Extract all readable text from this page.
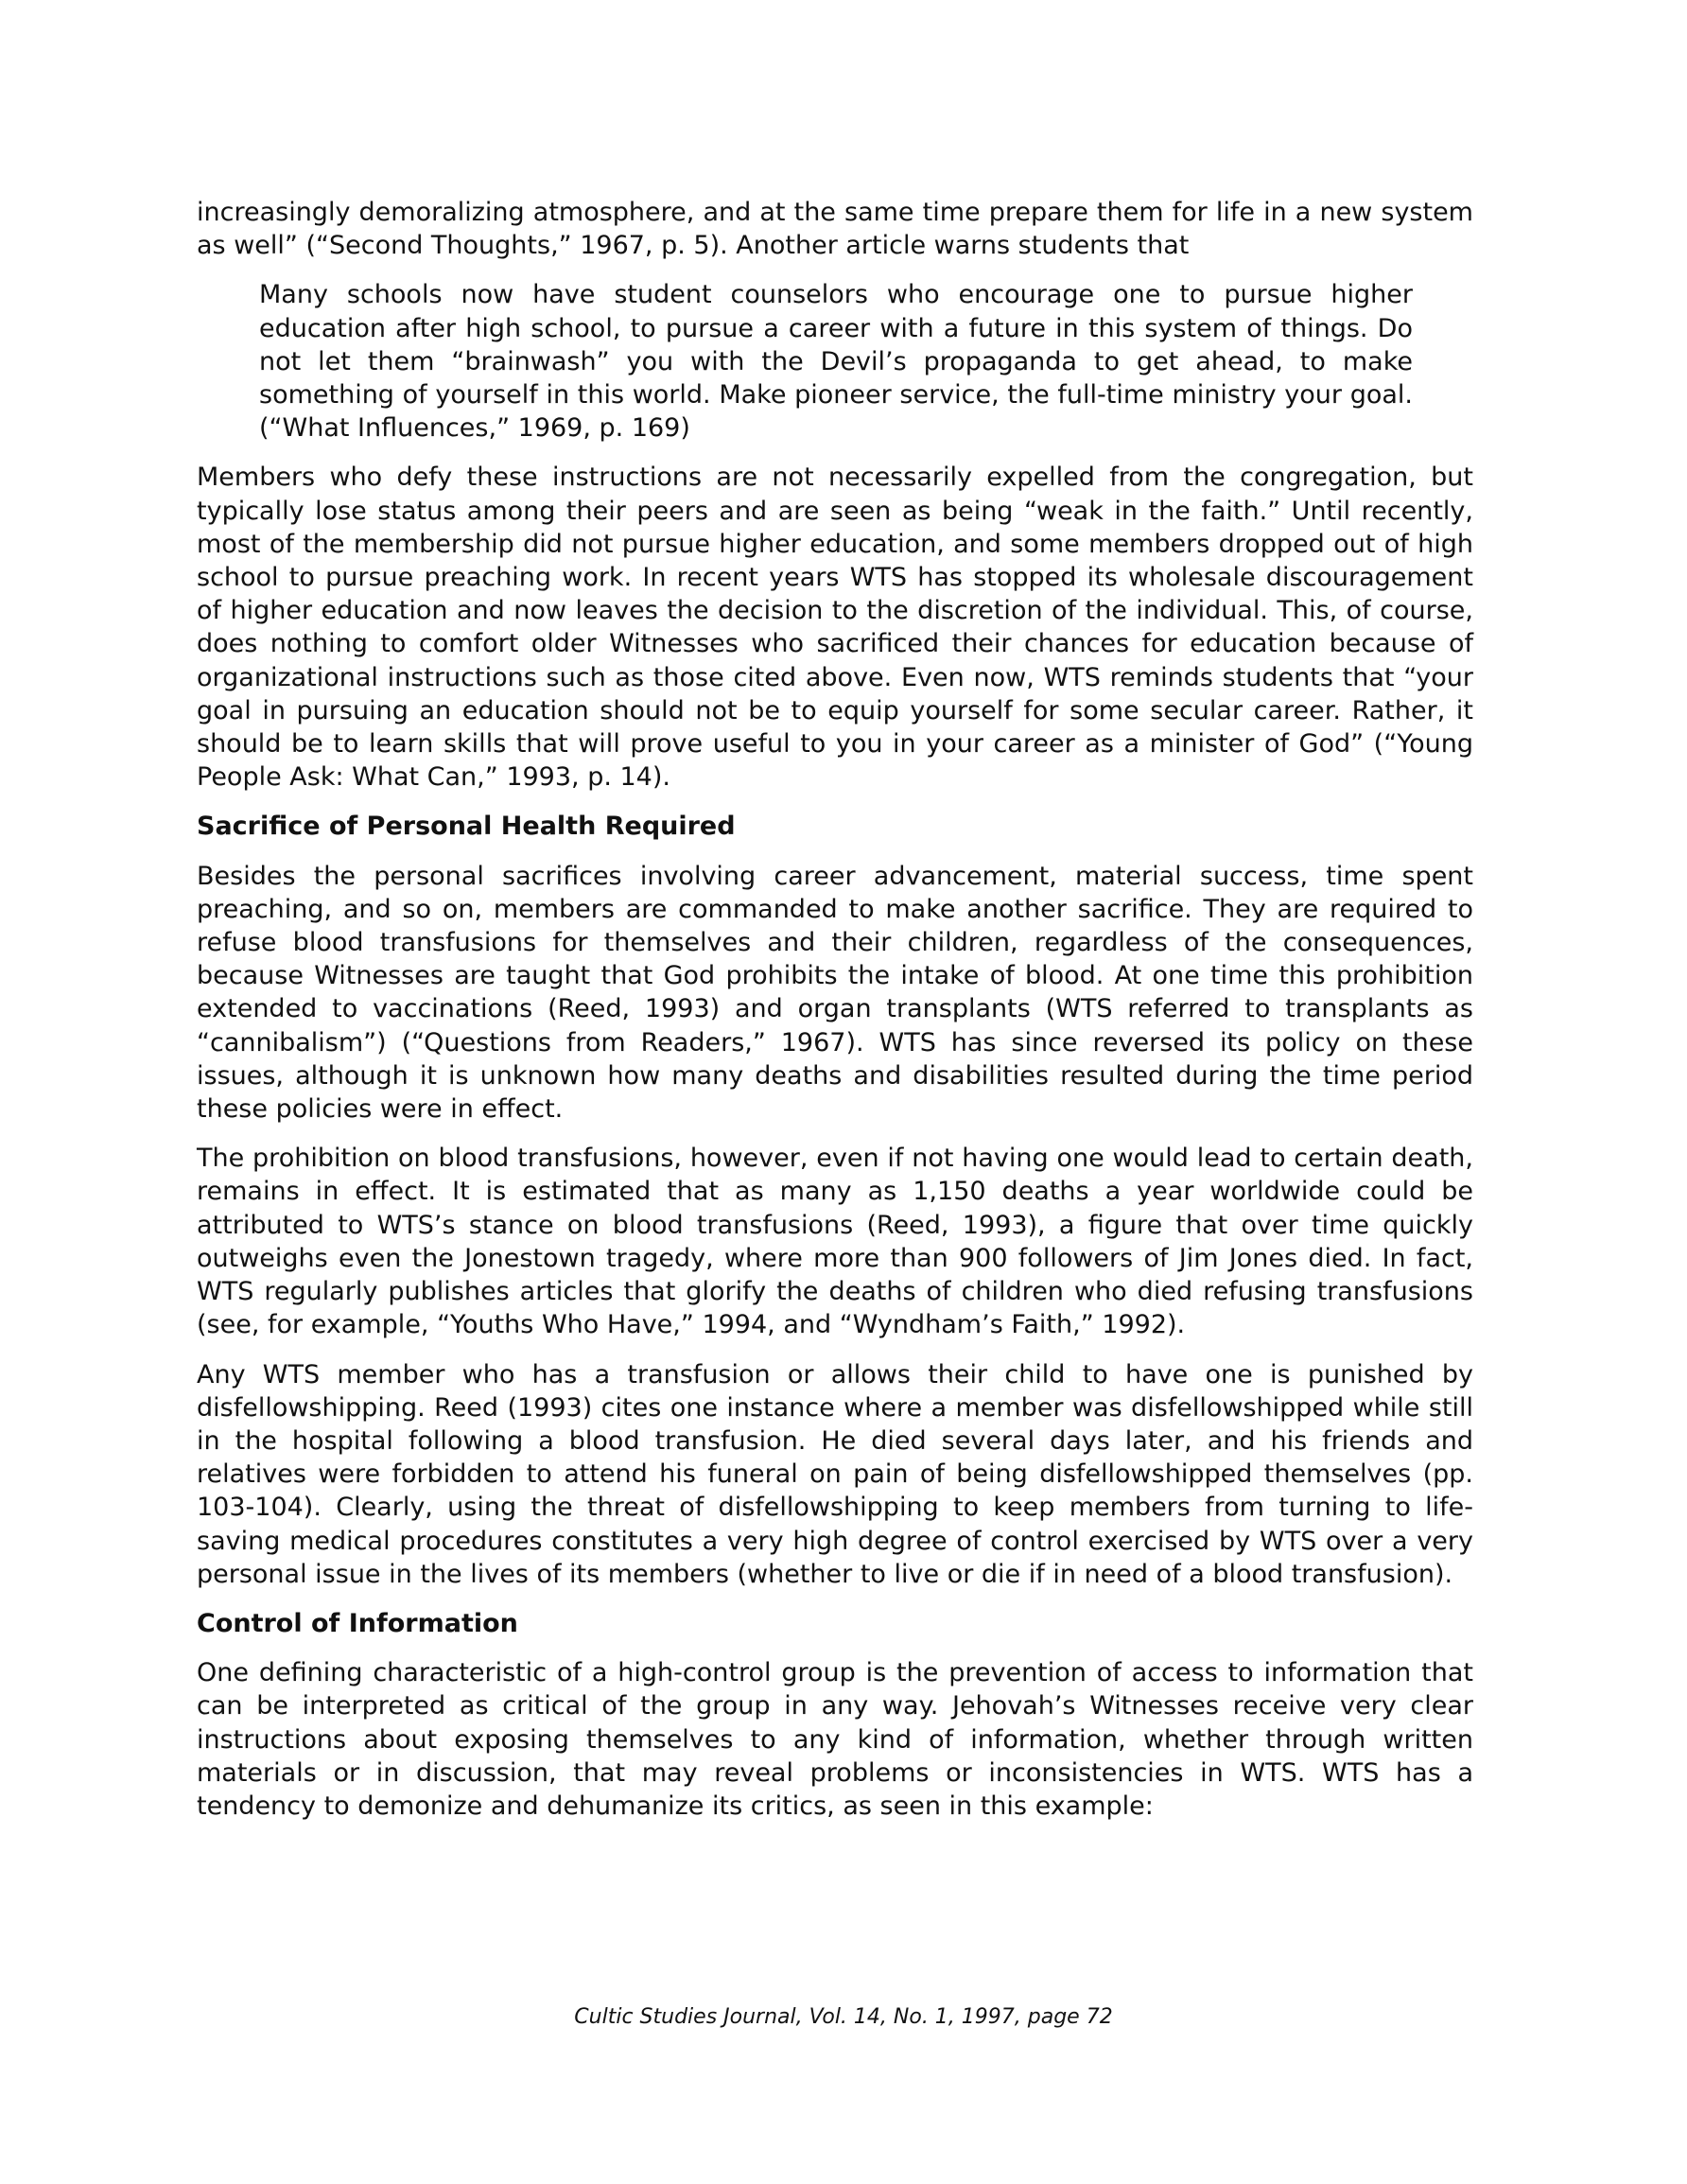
increasingly demoralizing atmosphere, and at the same time prepare them for life in a new system as well” (“Second Thoughts,” 1967, p. 5). Another article warns students that

Many schools now have student counselors who encourage one to pursue higher education after high school, to pursue a career with a future in this system of things. Do not let them “brainwash” you with the Devil’s propaganda to get ahead, to make something of yourself in this world. Make pioneer service, the full-time ministry your goal. (“What Influences,” 1969, p. 169)

Members who defy these instructions are not necessarily expelled from the congregation, but typically lose status among their peers and are seen as being “weak in the faith.” Until recently, most of the membership did not pursue higher education, and some members dropped out of high school to pursue preaching work. In recent years WTS has stopped its wholesale discouragement of higher education and now leaves the decision to the discretion of the individual. This, of course, does nothing to comfort older Witnesses who sacrificed their chances for education because of organizational instructions such as those cited above. Even now, WTS reminds students that “your goal in pursuing an education should not be to equip yourself for some secular career. Rather, it should be to learn skills that will prove useful to you in your career as a minister of God” (“Young People Ask: What Can,” 1993, p. 14).

Sacrifice of Personal Health Required

Besides the personal sacrifices involving career advancement, material success, time spent preaching, and so on, members are commanded to make another sacrifice. They are required to refuse blood transfusions for themselves and their children, regardless of the consequences, because Witnesses are taught that God prohibits the intake of blood. At one time this prohibition extended to vaccinations (Reed, 1993) and organ transplants (WTS referred to transplants as “cannibalism”) (“Questions from Readers,” 1967). WTS has since reversed its policy on these issues, although it is unknown how many deaths and disabilities resulted during the time period these policies were in effect.

The prohibition on blood transfusions, however, even if not having one would lead to certain death, remains in effect. It is estimated that as many as 1,150 deaths a year worldwide could be attributed to WTS’s stance on blood transfusions (Reed, 1993), a figure that over time quickly outweighs even the Jonestown tragedy, where more than 900 followers of Jim Jones died. In fact, WTS regularly publishes articles that glorify the deaths of children who died refusing transfusions (see, for example, “Youths Who Have,” 1994, and “Wyndham’s Faith,” 1992).

Any WTS member who has a transfusion or allows their child to have one is punished by disfellowshipping. Reed (1993) cites one instance where a member was disfellowshipped while still in the hospital following a blood transfusion. He died several days later, and his friends and relatives were forbidden to attend his funeral on pain of being disfellowshipped themselves (pp. 103-104). Clearly, using the threat of disfellowshipping to keep members from turning to life-saving medical procedures constitutes a very high degree of control exercised by WTS over a very personal issue in the lives of its members (whether to live or die if in need of a blood transfusion).

Control of Information

One defining characteristic of a high-control group is the prevention of access to information that can be interpreted as critical of the group in any way. Jehovah’s Witnesses receive very clear instructions about exposing themselves to any kind of information, whether through written materials or in discussion, that may reveal problems or inconsistencies in WTS. WTS has a tendency to demonize and dehumanize its critics, as seen in this example:

Cultic Studies Journal, Vol. 14, No. 1, 1997, page 72
